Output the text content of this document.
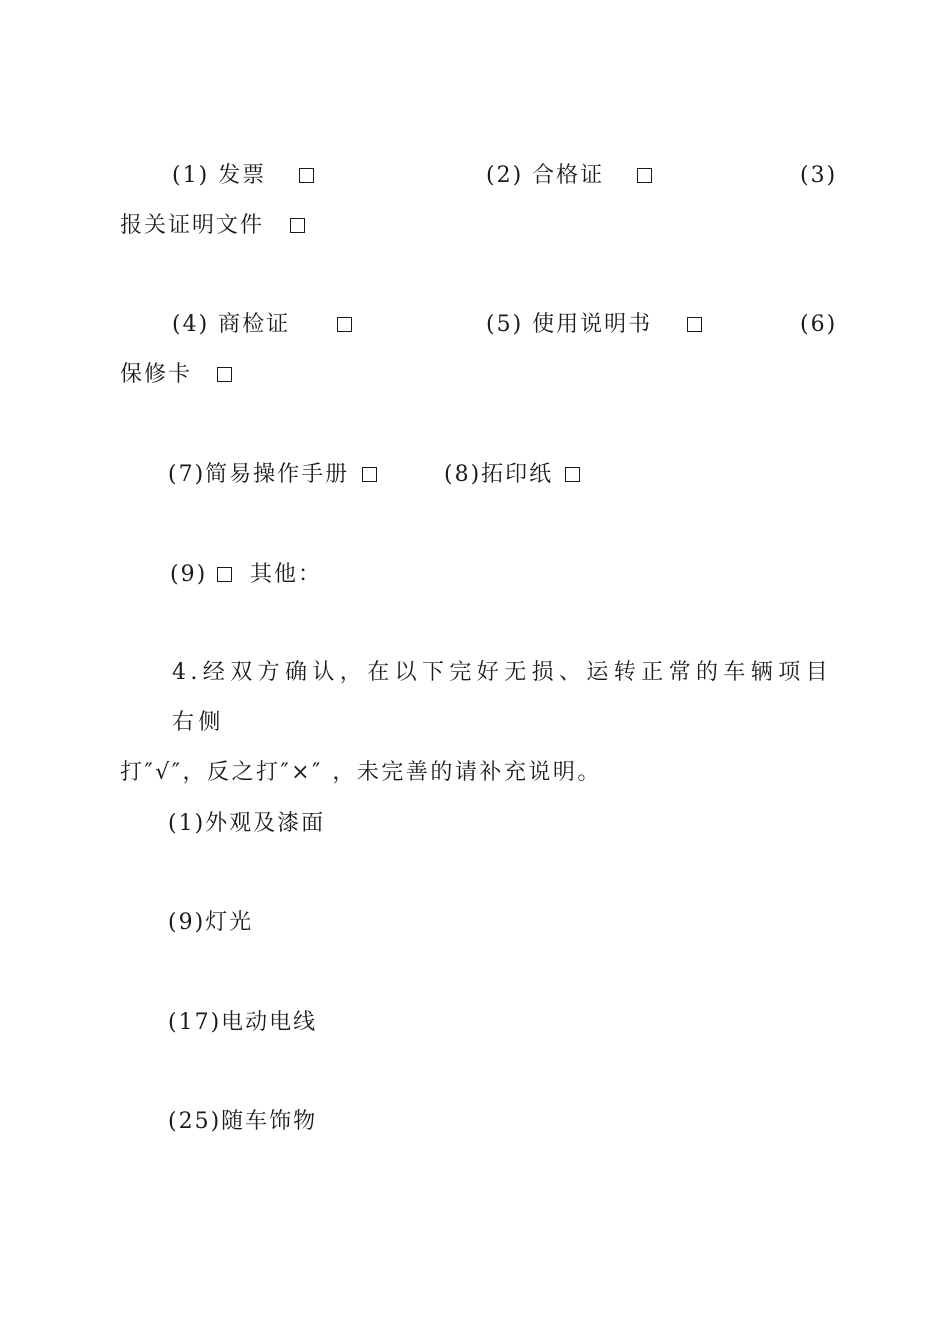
(1) 发票	(2) 合格证	(3)
报关证明文件
(4) 商检证	(5) 使用说明书	(6)
保修卡
(7)简易操作手册	(8)拓印纸
(9) 其他：
4.经双方确认，在以下完好无损、运转正常的车辆项目右侧
打″√″，反之打″×″ ，未完善的请补充说明。
(1)外观及漆面
(9)灯光
(17)电动电线
(25)随车饰物
